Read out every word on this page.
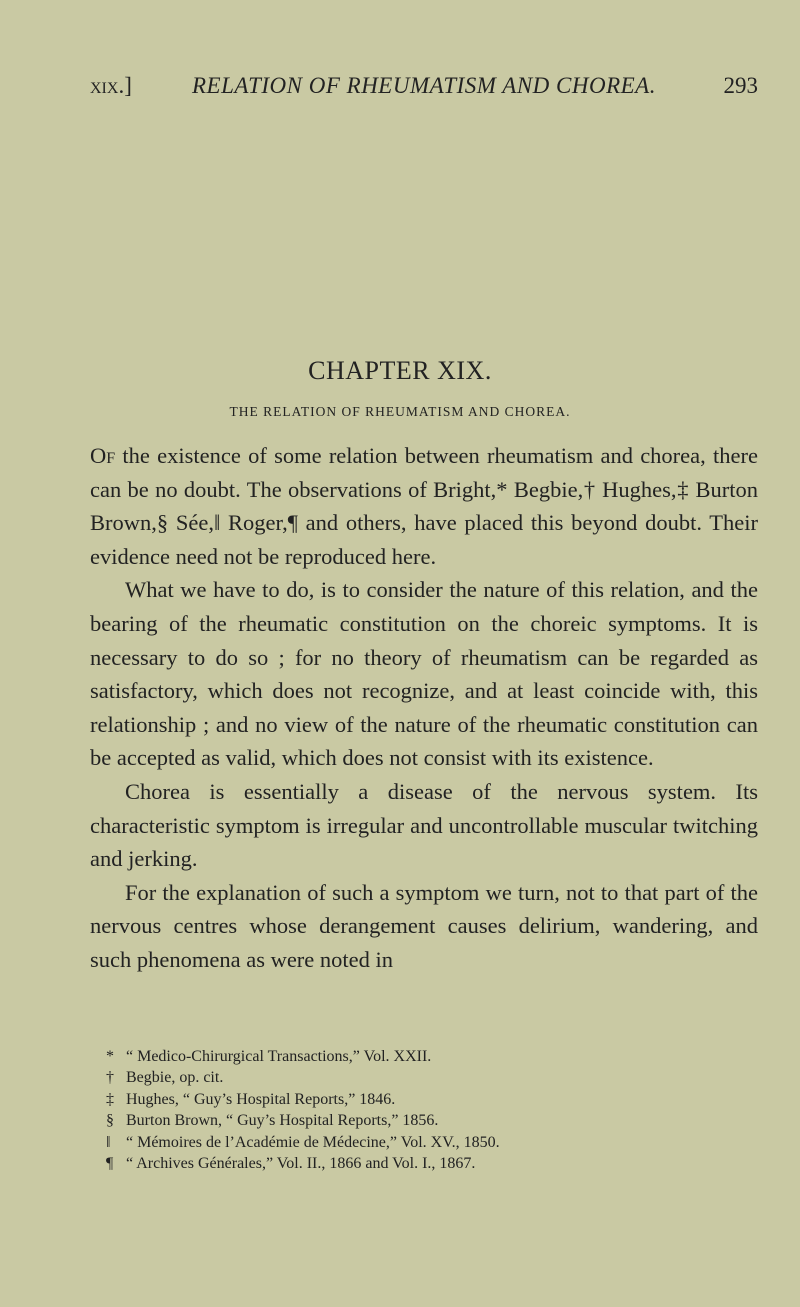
xix.]	RELATION OF RHEUMATISM AND CHOREA.	293
CHAPTER XIX.
THE RELATION OF RHEUMATISM AND CHOREA.

Of the existence of some relation between rheumatism and chorea, there can be no doubt. The observations of Bright,* Begbie,† Hughes,‡ Burton Brown,§ Sée,‖ Roger,¶ and others, have placed this beyond doubt. Their evidence need not be reproduced here.

What we have to do, is to consider the nature of this relation, and the bearing of the rheumatic constitution on the choreic symptoms. It is necessary to do so ; for no theory of rheumatism can be regarded as satisfactory, which does not recognize, and at least coincide with, this relationship ; and no view of the nature of the rheumatic constitution can be accepted as valid, which does not consist with its existence.

Chorea is essentially a disease of the nervous system. Its characteristic symptom is irregular and uncontrollable muscular twitching and jerking.

For the explanation of such a symptom we turn, not to that part of the nervous centres whose derangement causes delirium, wandering, and such phenomena as were noted in

* “ Medico-Chirurgical Transactions,” Vol. XXII.
† Begbie, op. cit.
‡ Hughes, “ Guy’s Hospital Reports,” 1846.
§ Burton Brown, “ Guy’s Hospital Reports,” 1856.
‖ “ Mémoires de l’Académie de Médecine,” Vol. XV., 1850.
¶ “ Archives Générales,” Vol. II., 1866 and Vol. I., 1867.
